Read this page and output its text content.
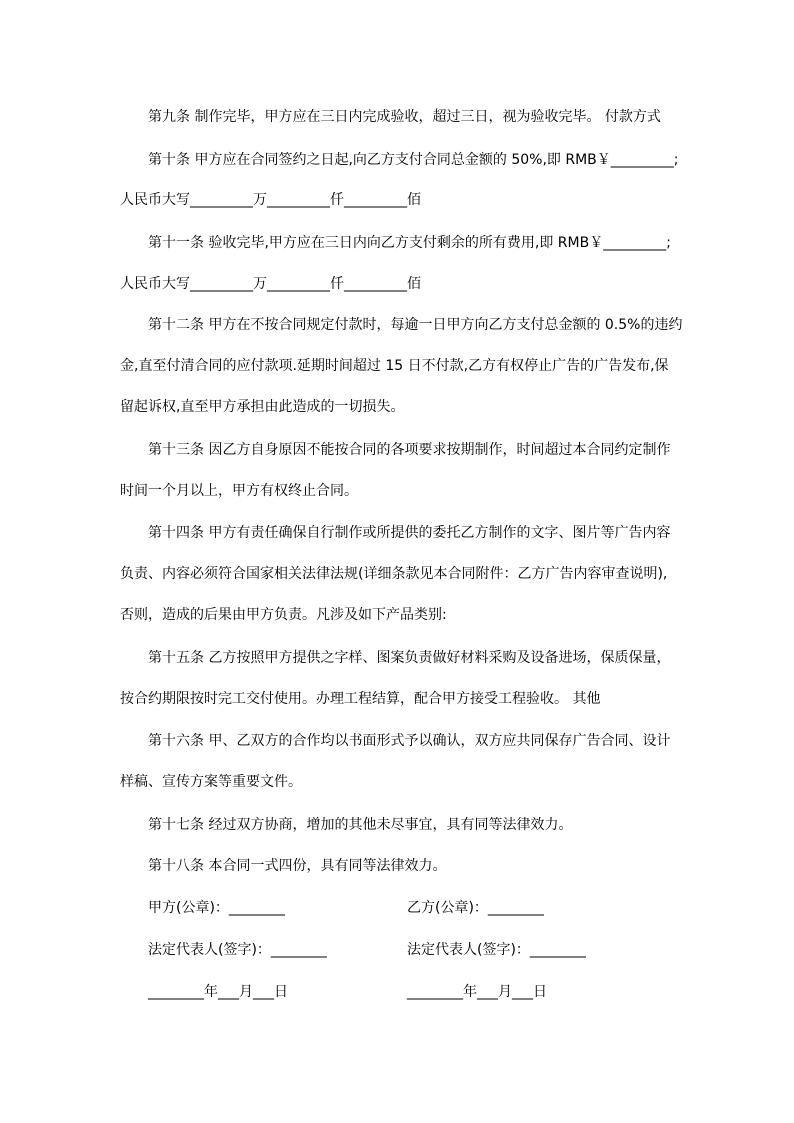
第九条 制作完毕，甲方应在三日内完成验收，超过三日，视为验收完毕。 付款方式
第十条 甲方应在合同签约之日起,向乙方支付合同总金额的 50%,即 RMB￥_________;
人民币大写_________万_________仟_________佰
第十一条 验收完毕,甲方应在三日内向乙方支付剩余的所有费用,即 RMB￥_________;
人民币大写_________万_________仟_________佰
第十二条 甲方在不按合同规定付款时，每逾一日甲方向乙方支付总金额的 0.5%的违约
金,直至付清合同的应付款项.延期时间超过 15 日不付款,乙方有权停止广告的广告发布,保
留起诉权,直至甲方承担由此造成的一切损失。
第十三条 因乙方自身原因不能按合同的各项要求按期制作，时间超过本合同约定制作
时间一个月以上，甲方有权终止合同。
第十四条 甲方有责任确保自行制作或所提供的委托乙方制作的文字、图片等广告内容
负责、内容必须符合国家相关法律法规(详细条款见本合同附件：乙方广告内容审查说明),
否则，造成的后果由甲方负责。凡涉及如下产品类别:
第十五条 乙方按照甲方提供之字样、图案负责做好材料采购及设备进场，保质保量，
按合约期限按时完工交付使用。办理工程结算，配合甲方接受工程验收。 其他
第十六条 甲、乙双方的合作均以书面形式予以确认，双方应共同保存广告合同、设计
样稿、宣传方案等重要文件。
第十七条 经过双方协商，增加的其他未尽事宜，具有同等法律效力。
第十八条 本合同一式四份，具有同等法律效力。
甲方(公章)：________	乙方(公章)：________
法定代表人(签字)：________	法定代表人(签字)：________
________年___月___日	________年___月___日
